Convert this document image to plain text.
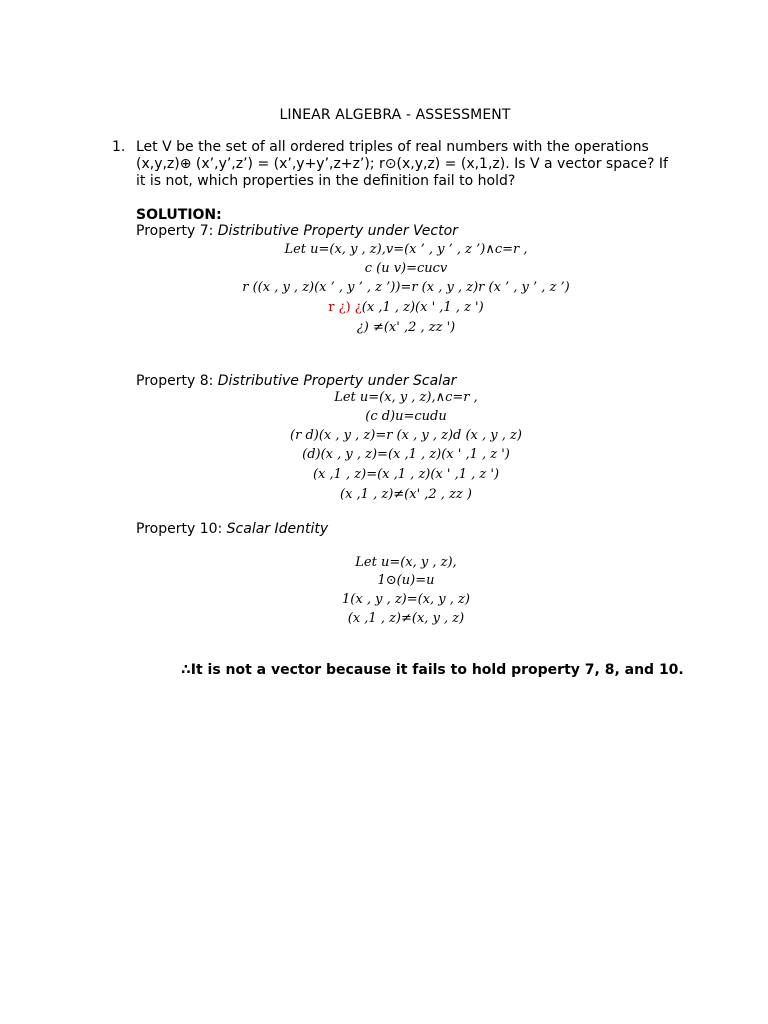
LINEAR ALGEBRA - ASSESSMENT
1. Let V be the set of all ordered triples of real numbers with the operations (x,y,z)⊕ (x’,y’,z’) = (x’,y+y’,z+z’); r⊙(x,y,z) = (x,1,z). Is V a vector space? If it is not, which properties in the definition fail to hold?
SOLUTION:
Property 7: Distributive Property under Vector
Let u=(x, y , z),v=(x ’ , y ’ , z ’)∧c=r ,
c (u v)=cucv
r ((x , y , z)(x ’ , y ’ , z ’))=r (x , y , z)r (x ’ , y ’ , z ’)
r ¿) ¿(x ,1 , z)(x ' ,1 , z ')
¿) ≠(x' ,2 , zz ')
Property 8: Distributive Property under Scalar
Let u=(x, y , z),∧c=r ,
(c d)u=cudu
(r d)(x , y , z)=r (x , y , z)d (x , y , z)
(d)(x , y , z)=(x ,1 , z)(x ' ,1 , z ')
(x ,1 , z)=(x ,1 , z)(x ' ,1 , z ')
(x ,1 , z)≠(x' ,2 , zz )
Property 10: Scalar Identity
Let u=(x, y , z),
1⊙(u)=u
1(x , y , z)=(x, y , z)
(x ,1 , z)≠(x, y , z)
∴It is not a vector because it fails to hold property 7, 8, and 10.
